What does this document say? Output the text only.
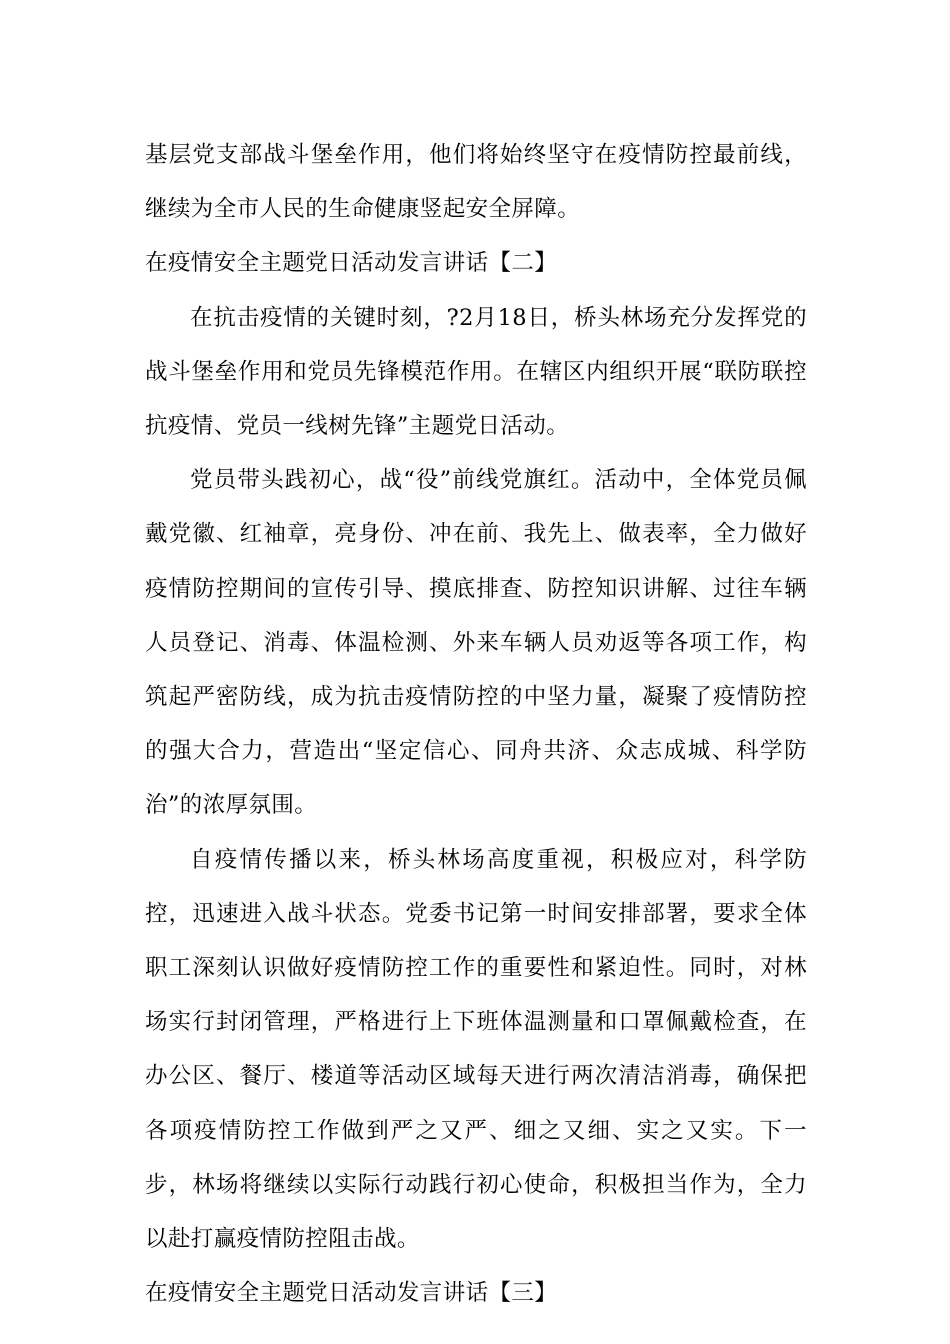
基层党支部战斗堡垒作用，他们将始终坚守在疫情防控最前线，继续为全市人民的生命健康竖起安全屏障。

在疫情安全主题党日活动发言讲话【二】

在抗击疫情的关键时刻，?2月18日，桥头林场充分发挥党的战斗堡垒作用和党员先锋模范作用。在辖区内组织开展“联防联控抗疫情、党员一线树先锋”主题党日活动。

党员带头践初心，战“役”前线党旗红。活动中，全体党员佩戴党徽、红袖章，亮身份、冲在前、我先上、做表率，全力做好疫情防控期间的宣传引导、摸底排查、防控知识讲解、过往车辆人员登记、消毒、体温检测、外来车辆人员劝返等各项工作，构筑起严密防线，成为抗击疫情防控的中坚力量，凝聚了疫情防控的强大合力，营造出“坚定信心、同舟共济、众志成城、科学防治”的浓厚氛围。

自疫情传播以来，桥头林场高度重视，积极应对，科学防控，迅速进入战斗状态。党委书记第一时间安排部署，要求全体职工深刻认识做好疫情防控工作的重要性和紧迫性。同时，对林场实行封闭管理，严格进行上下班体温测量和口罩佩戴检查，在办公区、餐厅、楼道等活动区域每天进行两次清洁消毒，确保把各项疫情防控工作做到严之又严、细之又细、实之又实。下一步，林场将继续以实际行动践行初心使命，积极担当作为，全力以赴打赢疫情防控阻击战。

在疫情安全主题党日活动发言讲话【三】
